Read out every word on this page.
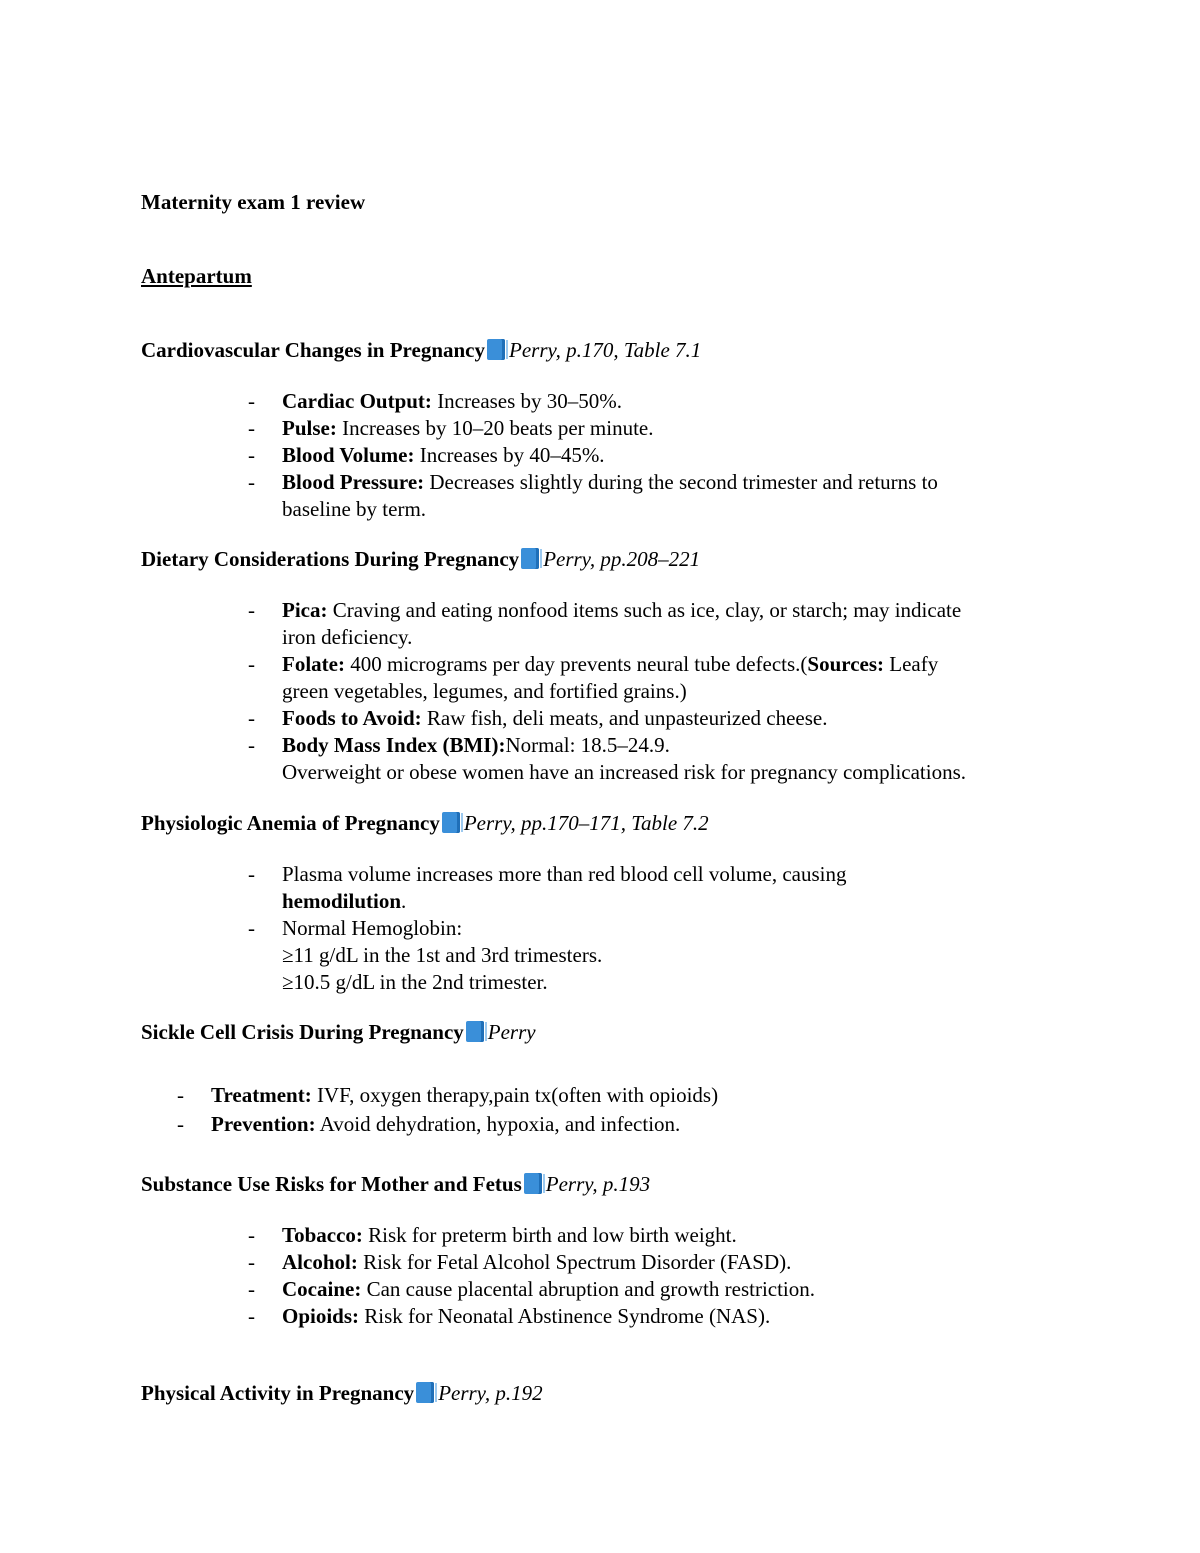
Maternity exam 1 review
Antepartum
Cardiovascular Changes in Pregnancy Perry, p.170, Table 7.1
- Cardiac Output: Increases by 30–50%.
- Pulse: Increases by 10–20 beats per minute.
- Blood Volume: Increases by 40–45%.
- Blood Pressure: Decreases slightly during the second trimester and returns to
baseline by term.
Dietary Considerations During Pregnancy Perry, pp.208–221
- Pica: Craving and eating nonfood items such as ice, clay, or starch; may indicate
iron deficiency.
- Folate: 400 micrograms per day prevents neural tube defects.(Sources: Leafy
green vegetables, legumes, and fortified grains.)
- Foods to Avoid: Raw fish, deli meats, and unpasteurized cheese.
- Body Mass Index (BMI):Normal: 18.5–24.9.
Overweight or obese women have an increased risk for pregnancy complications.
Physiologic Anemia of Pregnancy Perry, pp.170–171, Table 7.2
- Plasma volume increases more than red blood cell volume, causing
hemodilution.
- Normal Hemoglobin:
≥11 g/dL in the 1st and 3rd trimesters.
≥10.5 g/dL in the 2nd trimester.
Sickle Cell Crisis During Pregnancy Perry
- Treatment: IVF, oxygen therapy,pain tx(often with opioids)
- Prevention: Avoid dehydration, hypoxia, and infection.
Substance Use Risks for Mother and Fetus Perry, p.193
- Tobacco: Risk for preterm birth and low birth weight.
- Alcohol: Risk for Fetal Alcohol Spectrum Disorder (FASD).
- Cocaine: Can cause placental abruption and growth restriction.
- Opioids: Risk for Neonatal Abstinence Syndrome (NAS).
Physical Activity in Pregnancy Perry, p.192
